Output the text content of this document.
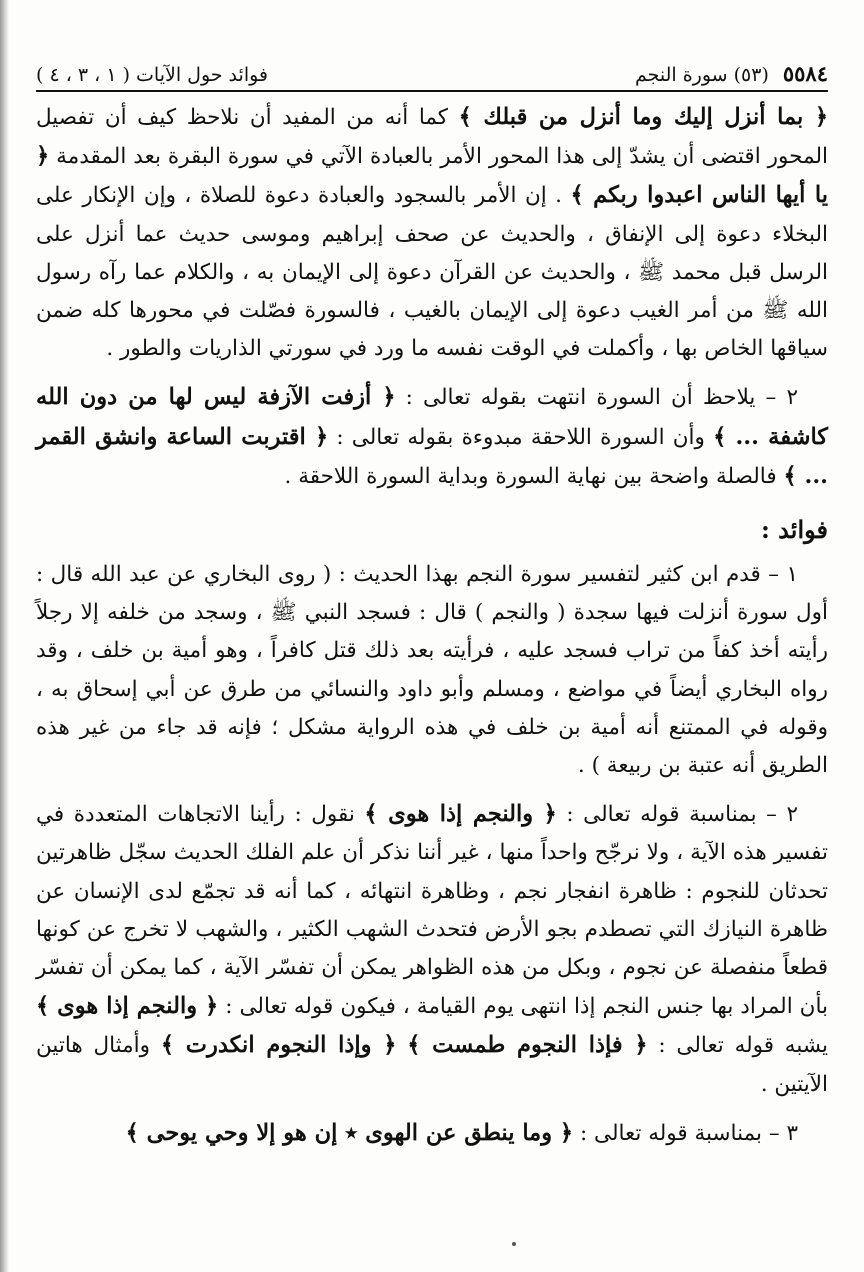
٥٥٨٤
(٥٣) سورة النجم
فوائد حول الآيات ( ١ ، ٣ ، ٤ )

﴿ بما أنزل إليك وما أنزل من قبلك ﴾ كما أنه من المفيد أن نلاحظ كيف أن تفصيل المحور اقتضى أن يشدّ إلى هذا المحور الأمر بالعبادة الآتي في سورة البقرة بعد المقدمة ﴿ يا أيها الناس اعبدوا ربكم ﴾ . إن الأمر بالسجود والعبادة دعوة للصلاة ، وإن الإنكار على البخلاء دعوة إلى الإنفاق ، والحديث عن صحف إبراهيم وموسى حديث عما أنزل على الرسل قبل محمد ﷺ ، والحديث عن القرآن دعوة إلى الإيمان به ، والكلام عما رآه رسول الله ﷺ من أمر الغيب دعوة إلى الإيمان بالغيب ، فالسورة فصّلت في محورها كله ضمن سياقها الخاص بها ، وأكملت في الوقت نفسه ما ورد في سورتي الذاريات والطور .

٢ – يلاحظ أن السورة انتهت بقوله تعالى : ﴿ أزفت الآزفة ليس لها من دون الله كاشفة ... ﴾ وأن السورة اللاحقة مبدوءة بقوله تعالى : ﴿ اقتربت الساعة وانشق القمر ... ﴾ فالصلة واضحة بين نهاية السورة وبداية السورة اللاحقة .

فوائد :

١ – قدم ابن كثير لتفسير سورة النجم بهذا الحديث : ( روى البخاري عن عبد الله قال : أول سورة أنزلت فيها سجدة ( والنجم ) قال : فسجد النبي ﷺ ، وسجد من خلفه إلا رجلاً رأيته أخذ كفاً من تراب فسجد عليه ، فرأيته بعد ذلك قتل كافراً ، وهو أمية بن خلف ، وقد رواه البخاري أيضاً في مواضع ، ومسلم وأبو داود والنسائي من طرق عن أبي إسحاق به ، وقوله في الممتنع أنه أمية بن خلف في هذه الرواية مشكل ؛ فإنه قد جاء من غير هذه الطريق أنه عتبة بن ربيعة ) .

٢ – بمناسبة قوله تعالى : ﴿ والنجم إذا هوى ﴾ نقول : رأينا الاتجاهات المتعددة في تفسير هذه الآية ، ولا نرجّح واحداً منها ، غير أننا نذكر أن علم الفلك الحديث سجّل ظاهرتين تحدثان للنجوم : ظاهرة انفجار نجم ، وظاهرة انتهائه ، كما أنه قد تجمّع لدى الإنسان عن ظاهرة النيازك التي تصطدم بجو الأرض فتحدث الشهب الكثير ، والشهب لا تخرج عن كونها قطعاً منفصلة عن نجوم ، وبكل من هذه الظواهر يمكن أن تفسّر الآية ، كما يمكن أن تفسّر بأن المراد بها جنس النجم إذا انتهى يوم القيامة ، فيكون قوله تعالى : ﴿ والنجم إذا هوى ﴾ يشبه قوله تعالى : ﴿ فإذا النجوم طمست ﴾ ﴿ وإذا النجوم انكدرت ﴾ وأمثال هاتين الآيتين .

٣ – بمناسبة قوله تعالى : ﴿ وما ينطق عن الهوى ٭ إن هو إلا وحي يوحى ﴾
